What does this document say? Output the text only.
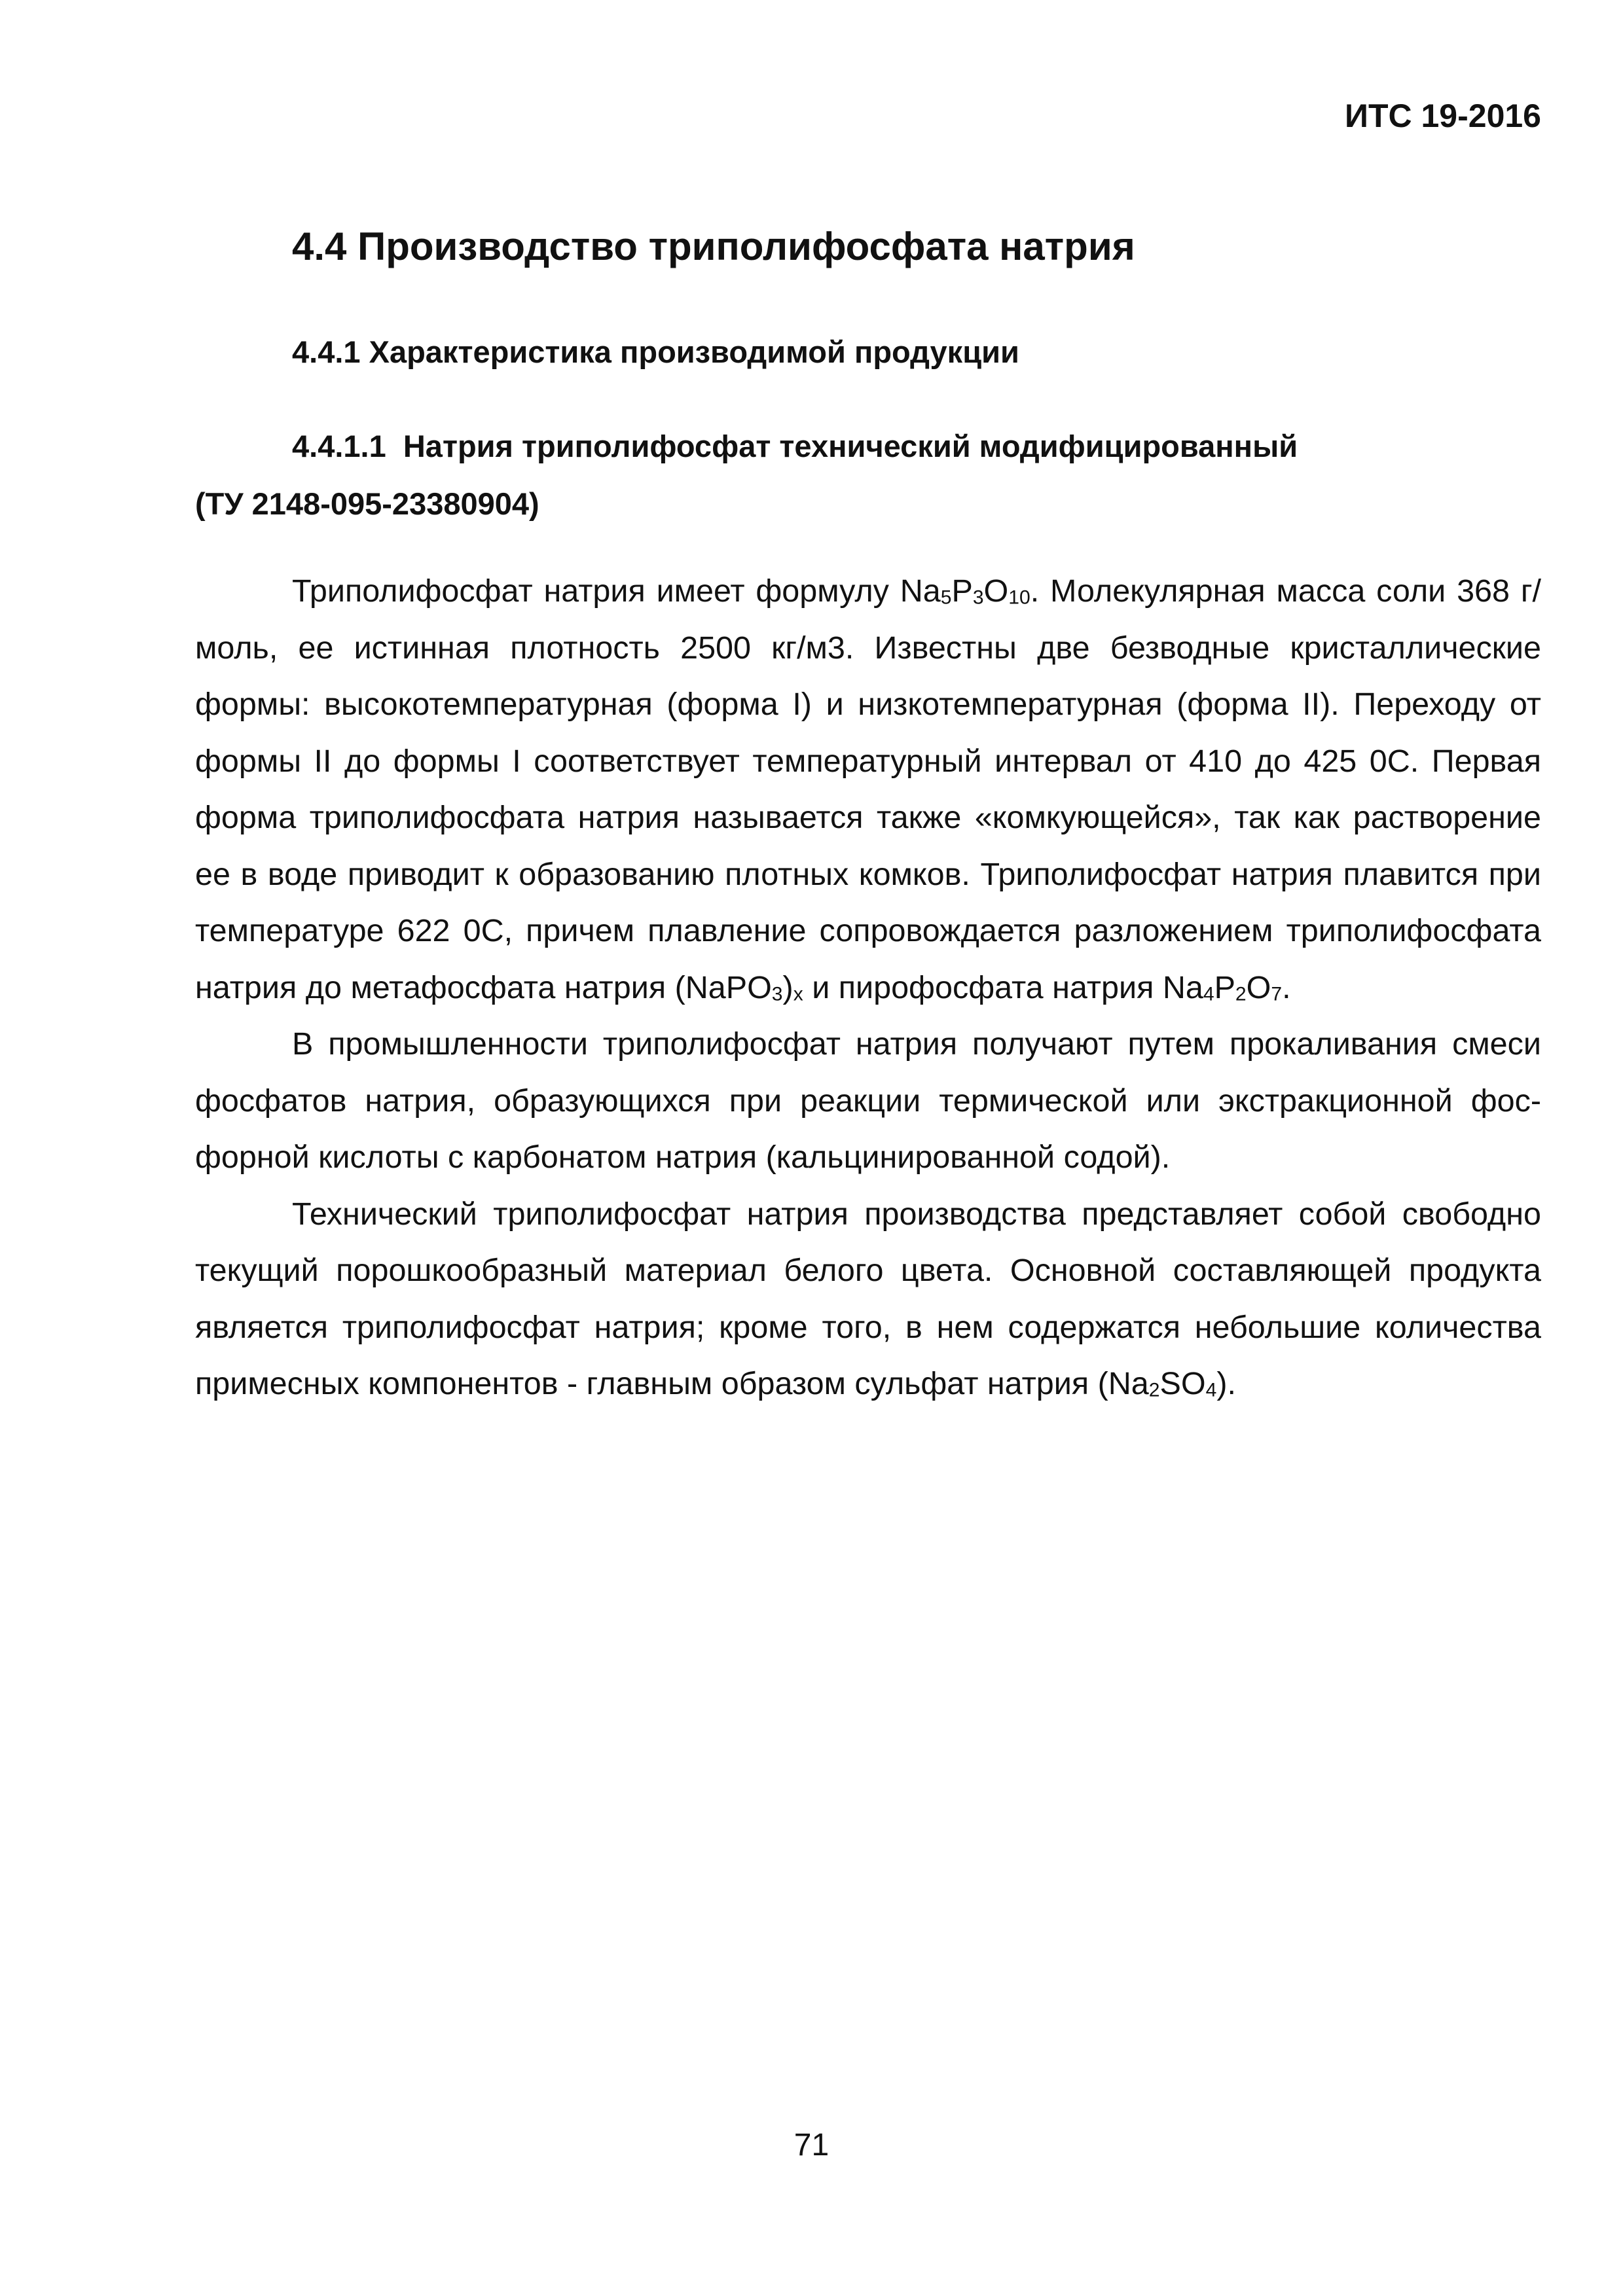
ИТС 19-2016

4.4 Производство триполифосфата натрия
4.4.1 Характеристика производимой продукции
4.4.1.1 Натрия триполифосфат технический модифицированный
(ТУ 2148-095-23380904)

Триполифосфат натрия имеет формулу $Na_5P_3O_{10}$. Молекулярная масса соли 368 г/моль, ее истинная плотность 2500 кг/м3. Известны две безводные кристаллические формы: высокотемпературная (форма I) и низкотемпературная (форма II). Переходу от формы II до формы I соответствует температурный интервал от 410 до 425 0С. Первая форма триполифосфата натрия называется также «комкующейся», так как растворение ее в воде приводит к образованию плотных комков. Триполифосфат натрия плавится при температуре 622 0С, причем плавление сопровождается разложением триполифосфата натрия до метафосфата натрия $(NaPO_3)_x$ и пирофосфата натрия $Na_4P_2O_7$.

В промышленности триполифосфат натрия получают путем прокаливания смеси фосфатов натрия, образующихся при реакции термической или экстракционной фосфорной кислоты с карбонатом натрия (кальцинированной содой).

Технический триполифосфат натрия производства представляет собой свободно текущий порошкообразный материал белого цвета. Основной составляющей продукта является триполифосфат натрия; кроме того, в нем содержатся небольшие количества примесных компонентов - главным образом сульфат натрия $(Na_2SO_4)$.

71
